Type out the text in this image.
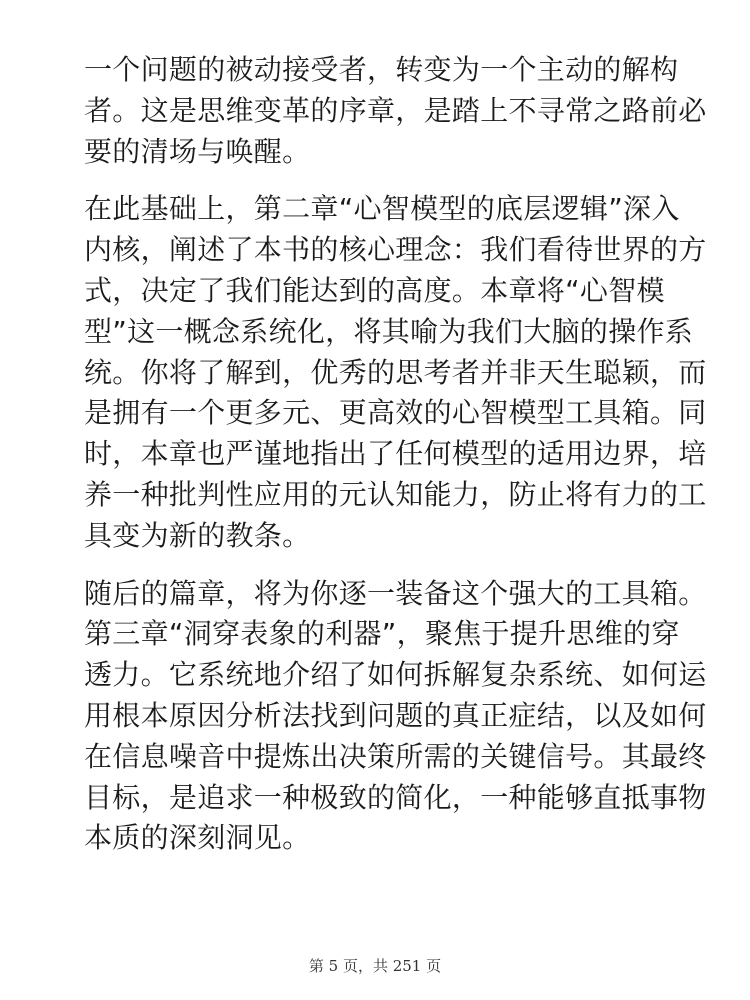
一个问题的被动接受者，转变为一个主动的解构
者。这是思维变革的序章，是踏上不寻常之路前必
要的清场与唤醒。

在此基础上，第二章“心智模型的底层逻辑”深入
内核，阐述了本书的核心理念：我们看待世界的方
式，决定了我们能达到的高度。本章将“心智模
型”这一概念系统化，将其喻为我们大脑的操作系
统。你将了解到，优秀的思考者并非天生聪颖，而
是拥有一个更多元、更高效的心智模型工具箱。同
时，本章也严谨地指出了任何模型的适用边界，培
养一种批判性应用的元认知能力，防止将有力的工
具变为新的教条。

随后的篇章，将为你逐一装备这个强大的工具箱。
第三章“洞穿表象的利器”，聚焦于提升思维的穿
透力。它系统地介绍了如何拆解复杂系统、如何运
用根本原因分析法找到问题的真正症结，以及如何
在信息噪音中提炼出决策所需的关键信号。其最终
目标，是追求一种极致的简化，一种能够直抵事物
本质的深刻洞见。

第 5 页，共 251 页
